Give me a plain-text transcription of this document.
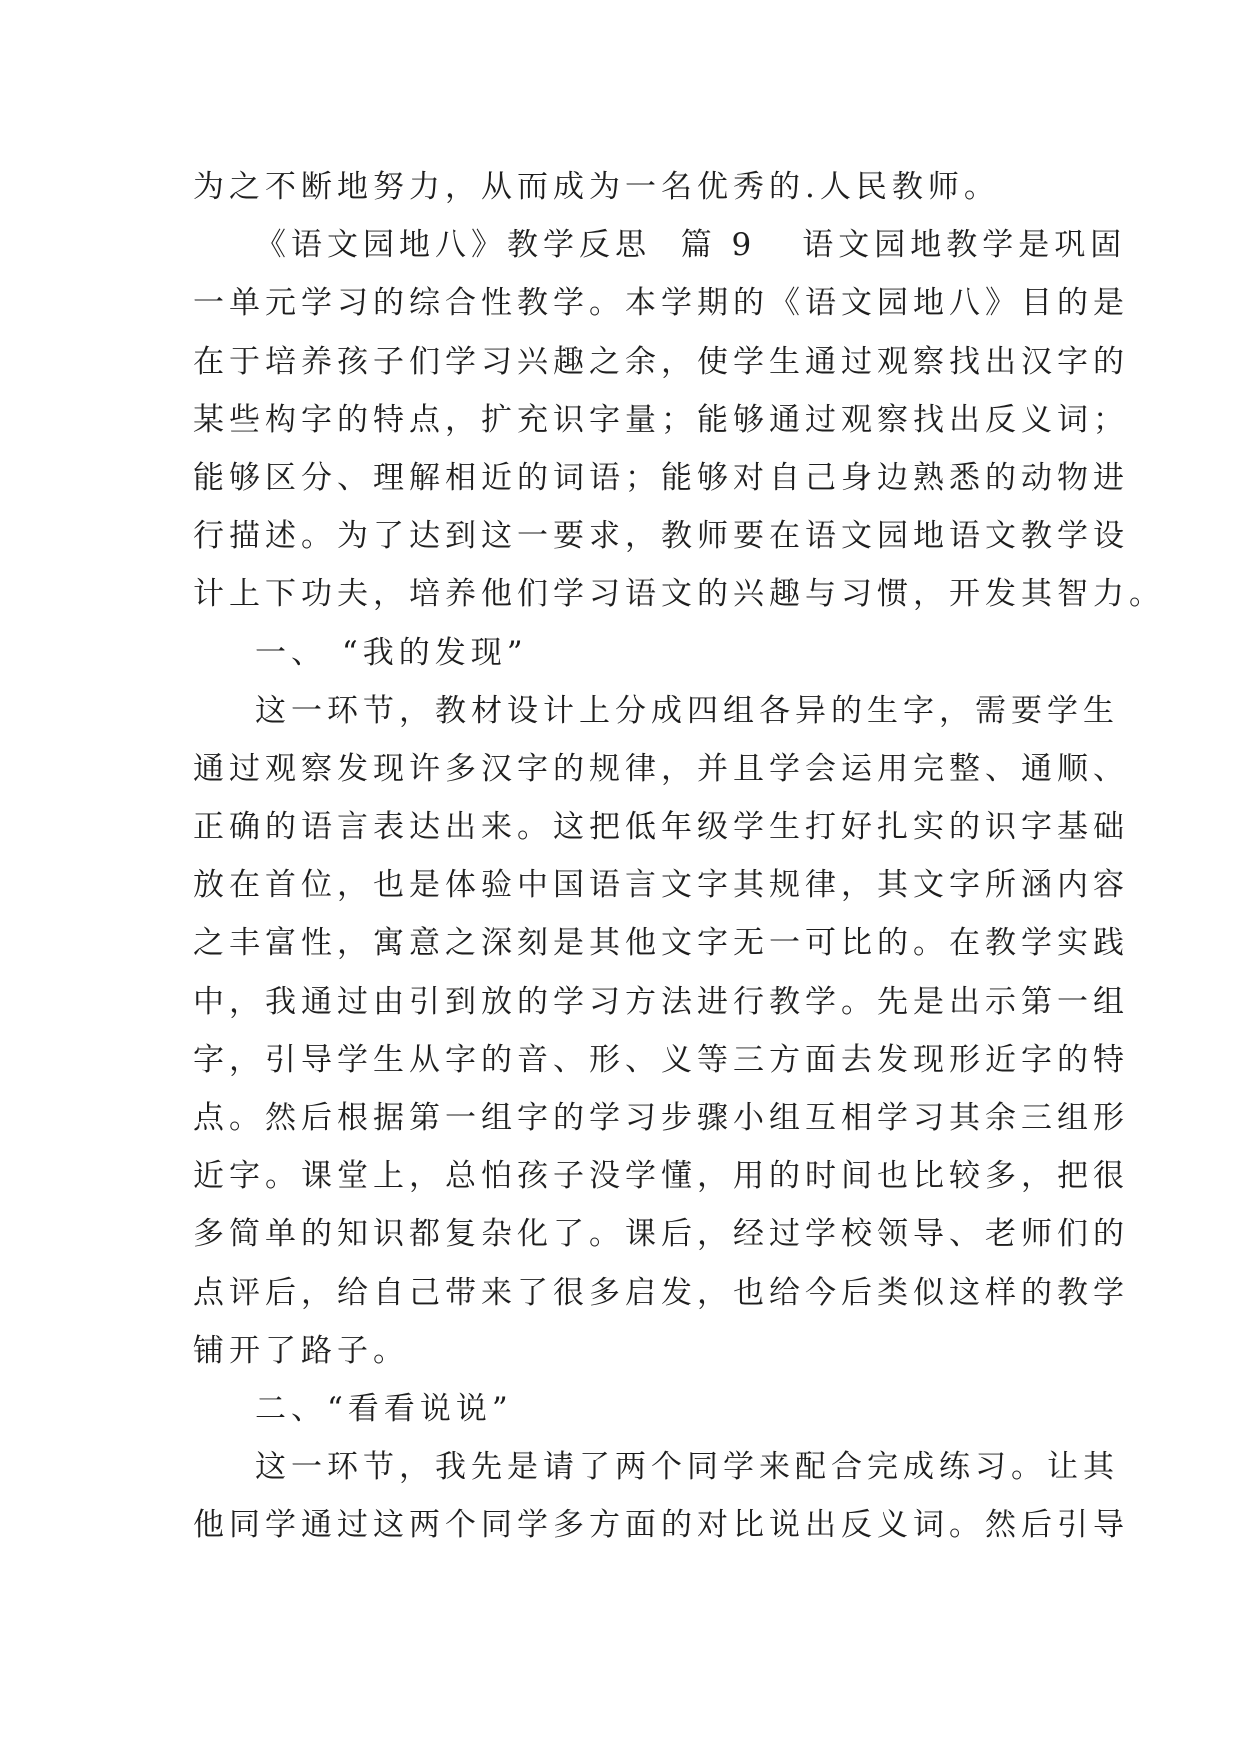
为之不断地努力，从而成为一名优秀的.人民教师。
《语文园地八》教学反思  篇 9 语文园地教学是巩固
一单元学习的综合性教学。本学期的《语文园地八》目的是
在于培养孩子们学习兴趣之余，使学生通过观察找出汉字的
某些构字的特点，扩充识字量；能够通过观察找出反义词；
能够区分、理解相近的词语；能够对自己身边熟悉的动物进
行描述。为了达到这一要求，教师要在语文园地语文教学设
计上下功夫，培养他们学习语文的兴趣与习惯，开发其智力。
一、 “我的发现”
这一环节，教材设计上分成四组各异的生字，需要学生
通过观察发现许多汉字的规律，并且学会运用完整、通顺、
正确的语言表达出来。这把低年级学生打好扎实的识字基础
放在首位，也是体验中国语言文字其规律，其文字所涵内容
之丰富性，寓意之深刻是其他文字无一可比的。在教学实践
中，我通过由引到放的学习方法进行教学。先是出示第一组
字，引导学生从字的音、形、义等三方面去发现形近字的特
点。然后根据第一组字的学习步骤小组互相学习其余三组形
近字。课堂上，总怕孩子没学懂，用的时间也比较多，把很
多简单的知识都复杂化了。课后，经过学校领导、老师们的
点评后，给自己带来了很多启发，也给今后类似这样的教学
铺开了路子。
二、“看看说说”
这一环节，我先是请了两个同学来配合完成练习。让其
他同学通过这两个同学多方面的对比说出反义词。然后引导
